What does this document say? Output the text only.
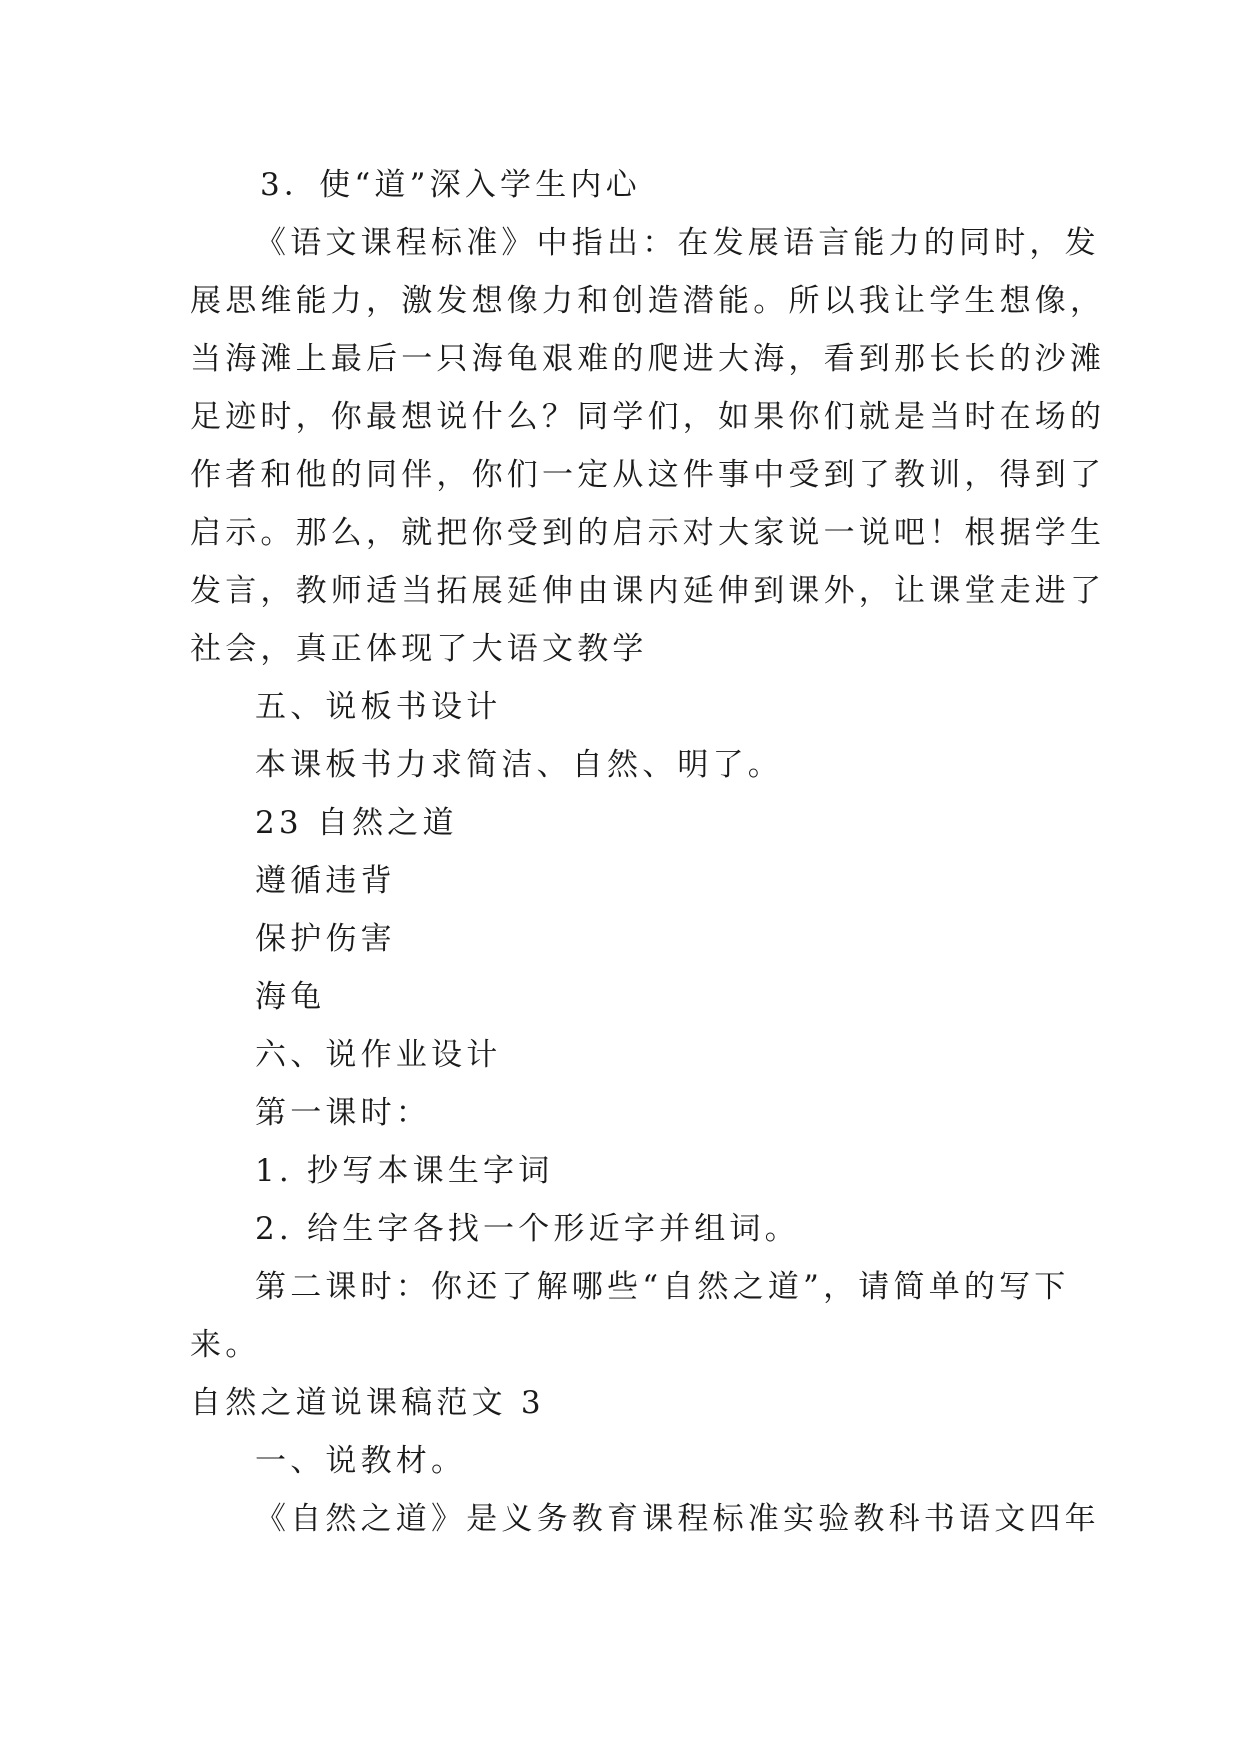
3．使“道”深入学生内心
《语文课程标准》中指出：在发展语言能力的同时，发
展思维能力，激发想像力和创造潜能。所以我让学生想像，
当海滩上最后一只海龟艰难的爬进大海，看到那长长的沙滩
足迹时，你最想说什么？同学们，如果你们就是当时在场的
作者和他的同伴，你们一定从这件事中受到了教训，得到了
启示。那么，就把你受到的启示对大家说一说吧！根据学生
发言，教师适当拓展延伸由课内延伸到课外，让课堂走进了
社会，真正体现了大语文教学
五、说板书设计
本课板书力求简洁、自然、明了。
23 自然之道
遵循违背
保护伤害
海龟
六、说作业设计
第一课时：
1. 抄写本课生字词
2. 给生字各找一个形近字并组词。
第二课时：你还了解哪些“自然之道”，请简单的写下
来。
自然之道说课稿范文 3
一、说教材。
《自然之道》是义务教育课程标准实验教科书语文四年
